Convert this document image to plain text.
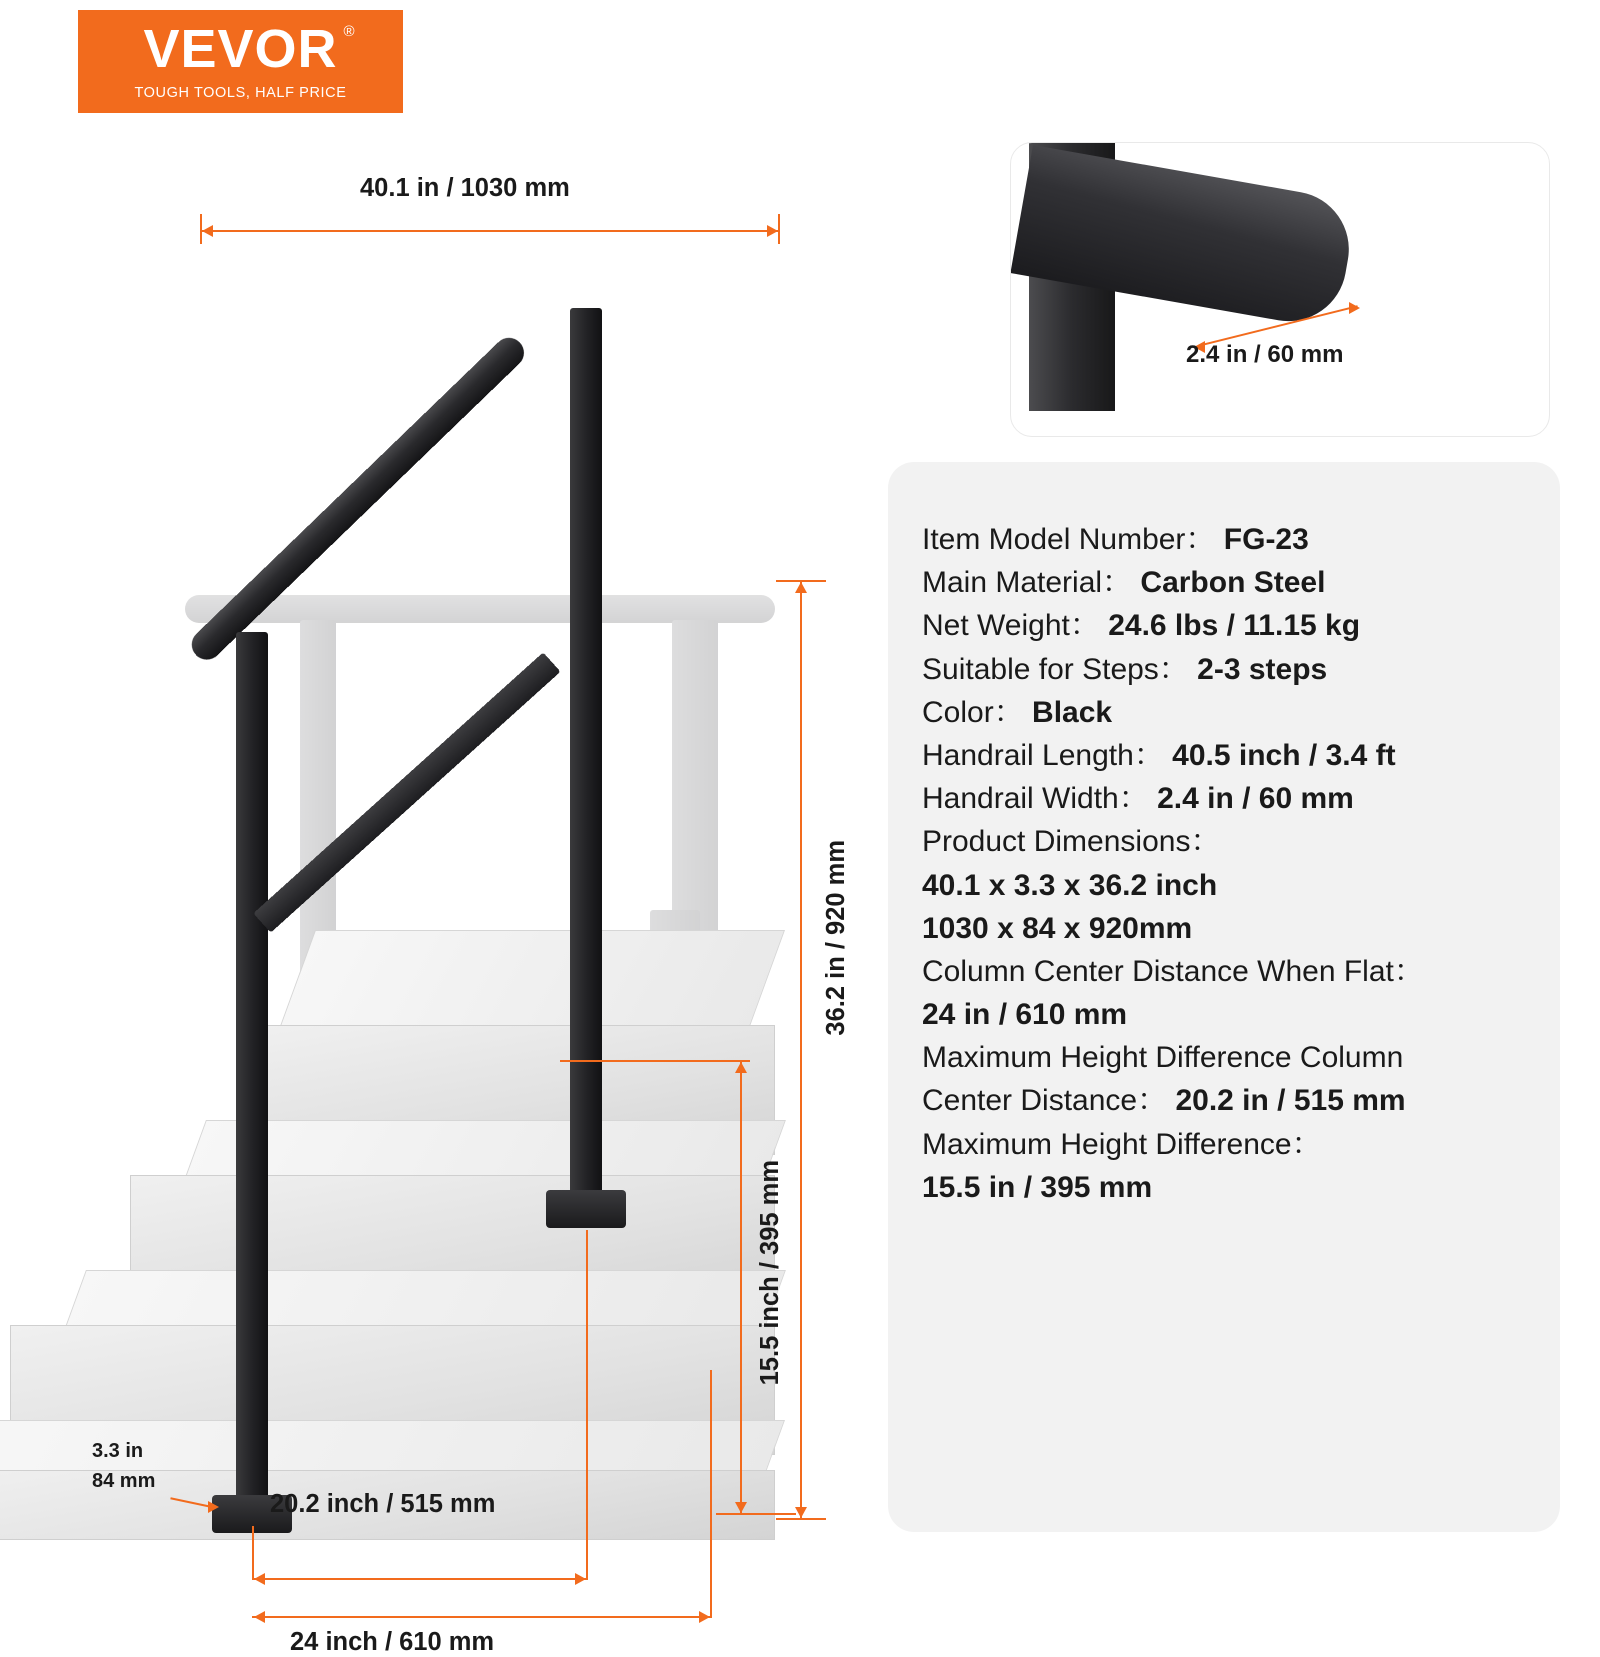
VEVOR ®
TOUGH TOOLS, HALF PRICE
40.1 in / 1030 mm
36.2 in / 920 mm
15.5 inch / 395 mm
3.3 in
84 mm
20.2 inch / 515 mm
24 inch / 610 mm
2.4 in / 60 mm
Item Model Number： FG-23
Main Material： Carbon Steel
Net Weight： 24.6 lbs / 11.15 kg
Suitable for Steps： 2-3 steps
Color： Black
Handrail Length： 40.5 inch / 3.4 ft
Handrail Width： 2.4 in / 60 mm
Product Dimensions：
40.1 x 3.3 x 36.2 inch
1030 x 84 x 920mm
Column Center Distance When Flat：
24 in / 610 mm
Maximum Height Difference Column
Center Distance： 20.2 in / 515 mm
Maximum Height Difference：
15.5 in / 395 mm
